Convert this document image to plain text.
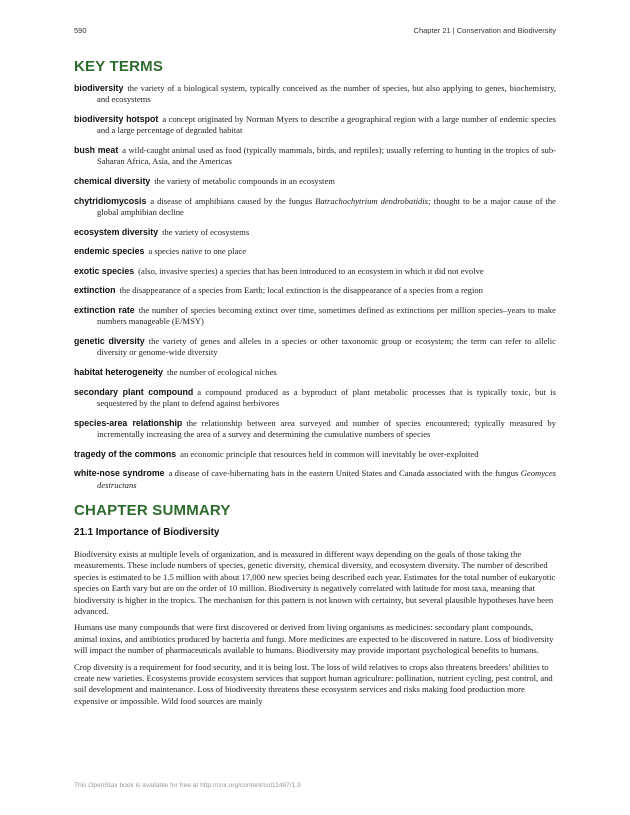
590	Chapter 21 | Conservation and Biodiversity
KEY TERMS

biodiversity the variety of a biological system, typically conceived as the number of species, but also applying to genes, biochemistry, and ecosystems

biodiversity hotspot a concept originated by Norman Myers to describe a geographical region with a large number of endemic species and a large percentage of degraded habitat

bush meat a wild-caught animal used as food (typically mammals, birds, and reptiles); usually referring to hunting in the tropics of sub-Saharan Africa, Asia, and the Americas

chemical diversity the variety of metabolic compounds in an ecosystem

chytridiomycosis a disease of amphibians caused by the fungus Batrachochytrium dendrobatidis; thought to be a major cause of the global amphibian decline

ecosystem diversity the variety of ecosystems

endemic species a species native to one place

exotic species (also, invasive species) a species that has been introduced to an ecosystem in which it did not evolve

extinction the disappearance of a species from Earth; local extinction is the disappearance of a species from a region

extinction rate the number of species becoming extinct over time, sometimes defined as extinctions per million species–years to make numbers manageable (E/MSY)

genetic diversity the variety of genes and alleles in a species or other taxonomic group or ecosystem; the term can refer to allelic diversity or genome-wide diversity

habitat heterogeneity the number of ecological niches

secondary plant compound a compound produced as a byproduct of plant metabolic processes that is typically toxic, but is sequestered by the plant to defend against herbivores

species-area relationship the relationship between area surveyed and number of species encountered; typically measured by incrementally increasing the area of a survey and determining the cumulative numbers of species

tragedy of the commons an economic principle that resources held in common will inevitably be over-exploited

white-nose syndrome a disease of cave-hibernating bats in the eastern United States and Canada associated with the fungus Geomyces destructans

CHAPTER SUMMARY
21.1 Importance of Biodiversity

Biodiversity exists at multiple levels of organization, and is measured in different ways depending on the goals of those taking the measurements. These include numbers of species, genetic diversity, chemical diversity, and ecosystem diversity. The number of described species is estimated to be 1.5 million with about 17,000 new species being described each year. Estimates for the total number of eukaryotic species on Earth vary but are on the order of 10 million. Biodiversity is negatively correlated with latitude for most taxa, meaning that biodiversity is higher in the tropics. The mechanism for this pattern is not known with certainty, but several plausible hypotheses have been advanced.

Humans use many compounds that were first discovered or derived from living organisms as medicines: secondary plant compounds, animal toxins, and antibiotics produced by bacteria and fungi. More medicines are expected to be discovered in nature. Loss of biodiversity will impact the number of pharmaceuticals available to humans. Biodiversity may provide important psychological benefits to humans.

Crop diversity is a requirement for food security, and it is being lost. The loss of wild relatives to crops also threatens breeders’ abilities to create new varieties. Ecosystems provide ecosystem services that support human agriculture: pollination, nutrient cycling, pest control, and soil development and maintenance. Loss of biodiversity threatens these ecosystem services and risks making food production more expensive or impossible. Wild food sources are mainly

This OpenStax book is available for free at http://cnx.org/content/col11487/1.9
